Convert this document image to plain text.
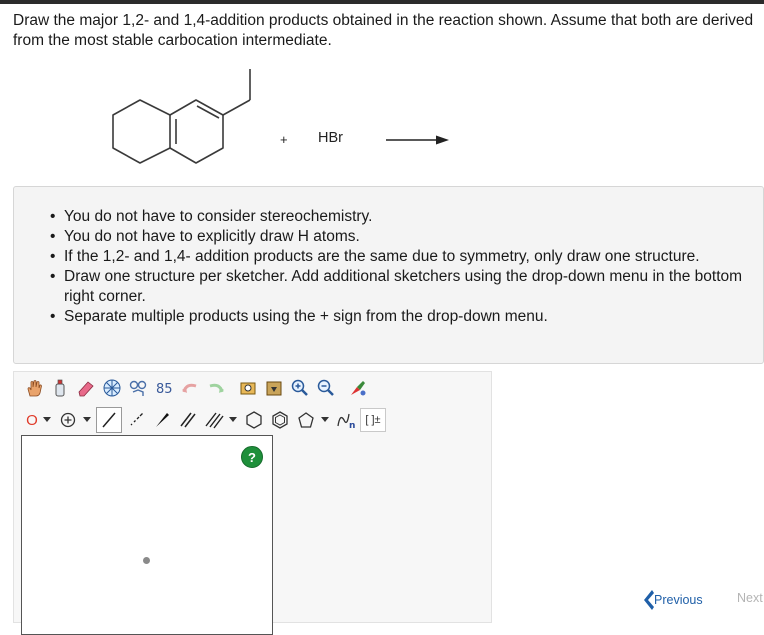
Draw the major 1,2- and 1,4-addition products obtained in the reaction shown. Assume that both are derived from the most stable carbocation intermediate.

+ HBr
• You do not have to consider stereochemistry.
• You do not have to explicitly draw H atoms.
• If the 1,2- and 1,4- addition products are the same due to symmetry, only draw one structure.
• Draw one structure per sketcher. Add additional sketchers using the drop-down menu in the bottom right corner.
• Separate multiple products using the + sign from the drop-down menu.
85
O	n [ ]±
?
Previous	Next
